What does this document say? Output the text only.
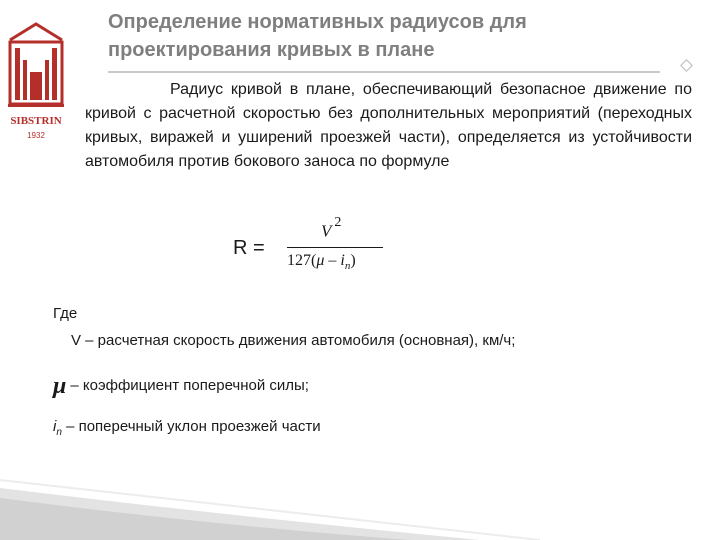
SIBSTRIN
1932
Определение нормативных радиусов для проектирования кривых в плане

Радиус кривой в плане, обеспечивающий безопасное движение по кривой с расчетной скоростью без дополнительных мероприятий (переходных кривых, виражей и уширений проезжей части), определяется из устойчивости автомобиля против бокового заноса по формуле

R =
V $^2$
$127(\mu - i_n)$
Где
V – расчетная скорость движения автомобиля (основная), км/ч;
μ – коэффициент поперечной силы;
$i_n$ – поперечный уклон проезжей части
